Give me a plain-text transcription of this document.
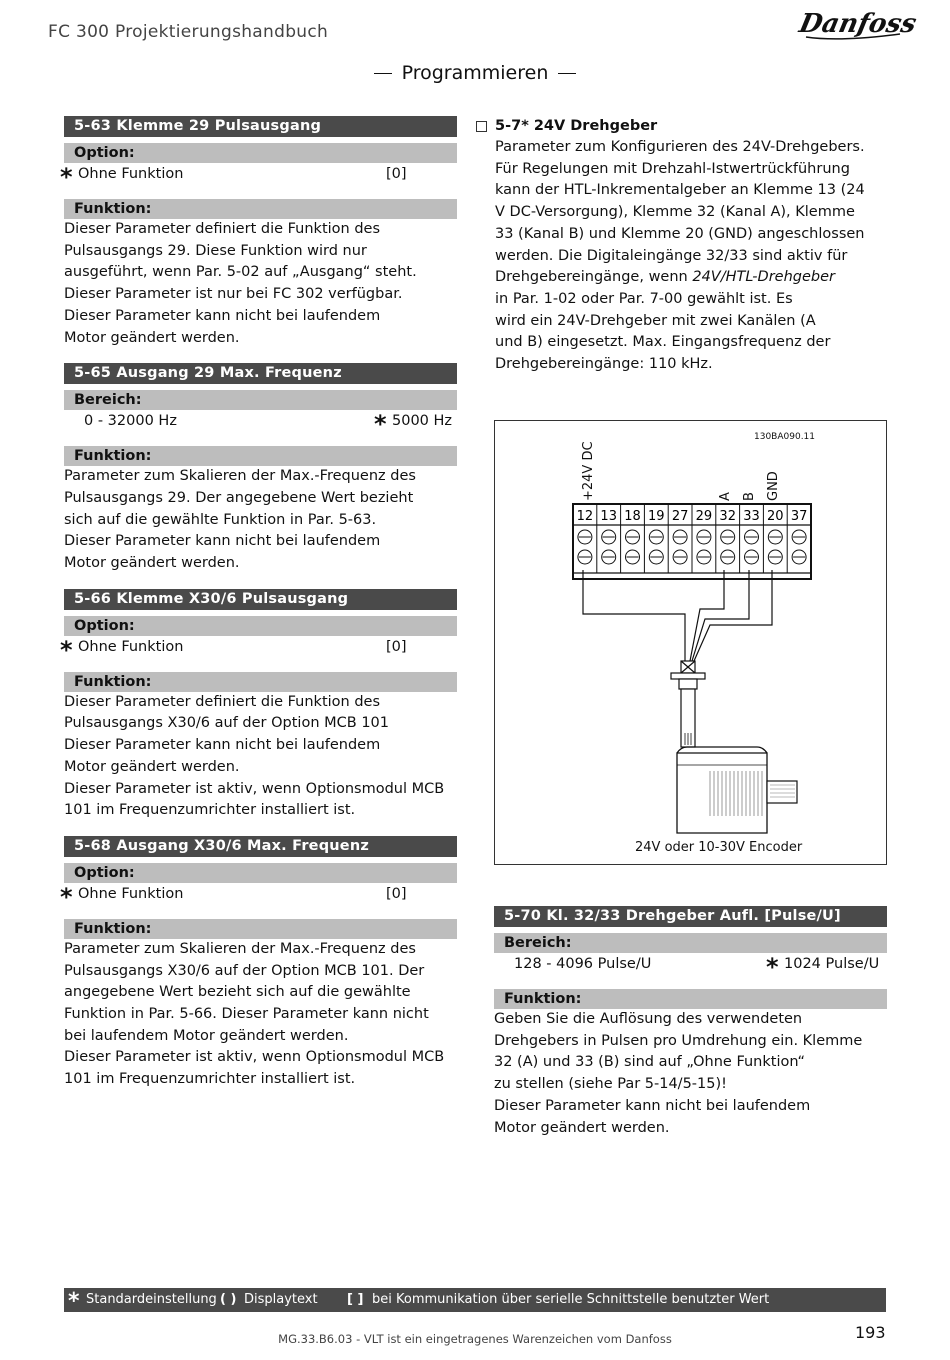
FC 300 Projektierungshandbuch	Danfoss
Programmieren
5-63 Klemme 29 Pulsausgang
Option:
* Ohne Funktion	[0]
Funktion:

Dieser Parameter definiert die Funktion des

Pulsausgangs 29. Diese Funktion wird nur

ausgeführt, wenn Par. 5-02 auf „Ausgang“ steht.

Dieser Parameter ist nur bei FC 302 verfügbar.

Dieser Parameter kann nicht bei laufendem

Motor geändert werden.

5-65 Ausgang 29 Max. Frequenz
Bereich:
0 - 32000 Hz	* 5000 Hz
Funktion:

Parameter zum Skalieren der Max.-Frequenz des

Pulsausgangs 29. Der angegebene Wert bezieht

sich auf die gewählte Funktion in Par. 5-63.

Dieser Parameter kann nicht bei laufendem

Motor geändert werden.

5-66 Klemme X30/6 Pulsausgang
Option:
* Ohne Funktion	[0]
Funktion:

Dieser Parameter definiert die Funktion des

Pulsausgangs X30/6 auf der Option MCB 101

Dieser Parameter kann nicht bei laufendem

Motor geändert werden.

Dieser Parameter ist aktiv, wenn Optionsmodul MCB

101 im Frequenzumrichter installiert ist.

5-68 Ausgang X30/6 Max. Frequenz
Option:
* Ohne Funktion	[0]
Funktion:

Parameter zum Skalieren der Max.-Frequenz des

Pulsausgangs X30/6 auf der Option MCB 101. Der

angegebene Wert bezieht sich auf die gewählte

Funktion in Par. 5-66. Dieser Parameter kann nicht

bei laufendem Motor geändert werden.

Dieser Parameter ist aktiv, wenn Optionsmodul MCB

101 im Frequenzumrichter installiert ist.

5-7* 24V Drehgeber

Parameter zum Konfigurieren des 24V-Drehgebers.

Für Regelungen mit Drehzahl-Istwertrückführung

kann der HTL-Inkrementalgeber an Klemme 13 (24

V DC-Versorgung), Klemme 32 (Kanal A), Klemme

33 (Kanal B) und Klemme 20 (GND) angeschlossen

werden. Die Digitaleingänge 32/33 sind aktiv für

Drehgebereingänge, wenn 24V/HTL-Drehgeber

in Par. 1-02 oder Par. 7-00 gewählt ist. Es

wird ein 24V-Drehgeber mit zwei Kanälen (A

und B) eingesetzt. Max. Eingangsfrequenz der

Drehgebereingänge: 110 kHz.

130BA090.11
+24V DC	A B GND
12 13 18 19 27 29 32 33 20 37
24V oder 10-30V Encoder
5-70 Kl. 32/33 Drehgeber Aufl. [Pulse/U]
Bereich:
128 - 4096 Pulse/U	* 1024 Pulse/U
Funktion:

Geben Sie die Auflösung des verwendeten

Drehgebers in Pulsen pro Umdrehung ein. Klemme

32 (A) und 33 (B) sind auf „Ohne Funktion“

zu stellen (siehe Par 5-14/5-15)!

Dieser Parameter kann nicht bei laufendem

Motor geändert werden.

* Standardeinstellung ( ) Displaytext [ ] bei Kommunikation über serielle Schnittstelle benutzter Wert
MG.33.B6.03 - VLT ist ein eingetragenes Warenzeichen vom Danfoss	193
